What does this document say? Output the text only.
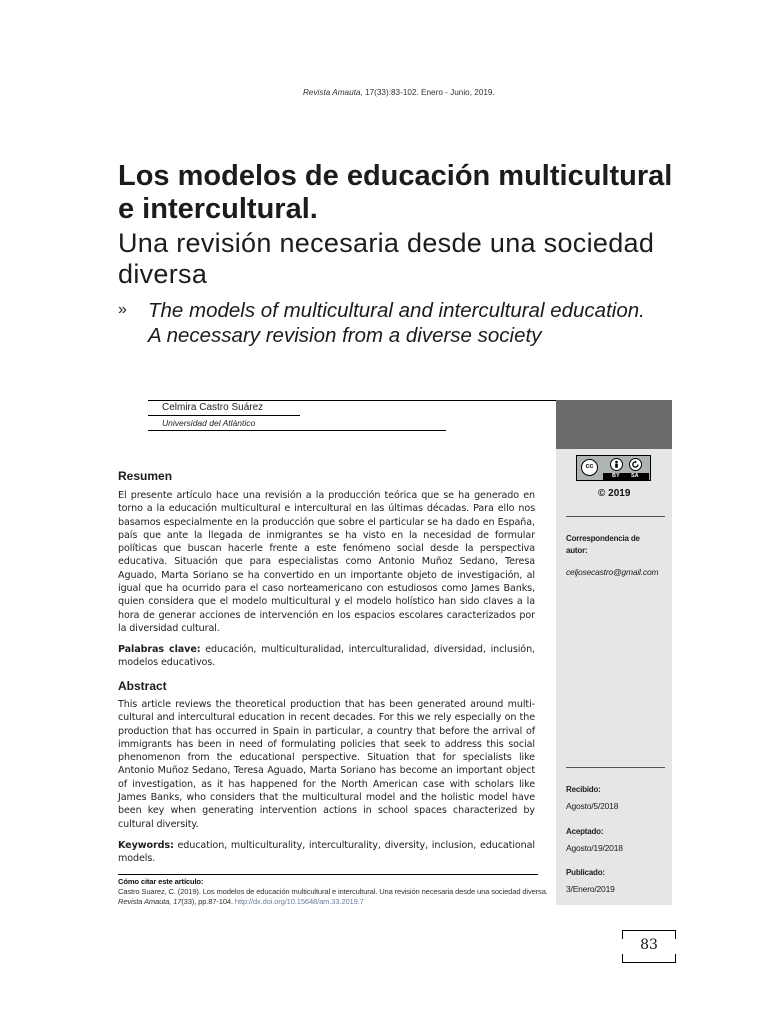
Revista Amauta, 17(33):83-102. Enero - Junio, 2019.
Los modelos de educación multicultural e intercultural.
Una revisión necesaria desde una sociedad diversa
» The models of multicultural and intercultural education. A necessary revision from a diverse society
Celmira Castro Suárez
Universidad del Atlántico
cc
BY SA
© 2019
Correspondencia de autor:
celjosecastro@gmail.com
Recibido:
Agosto/5/2018
Aceptado:
Agosto/19/2018
Publicado:
3/Enero/2019
Resumen
El presente artículo hace una revisión a la producción teórica que se ha generado en torno a la educación multicultural e intercultural en las últimas décadas. Para ello nos basamos especialmente en la producción que sobre el particular se ha dado en España, país que ante la llegada de inmigrantes se ha visto en la necesidad de formular políticas que buscan hacerle frente a este fenómeno social desde la perspectiva educativa. Situación que para especialistas como Antonio Muñoz Sedano, Teresa Aguado, Marta Soriano se ha convertido en un importante objeto de investigación, al igual que ha ocurrido para el caso norteamericano con estudiosos como James Banks, quien considera que el modelo multicultural y el modelo holístico han sido claves a la hora de generar acciones de intervención en los espacios escolares caracterizados por la diversidad cultural.
Palabras clave: educación, multiculturalidad, interculturalidad, diversidad, inclusión, modelos educativos.
Abstract
This article reviews the theoretical production that has been generated around multi-cultural and intercultural education in recent decades. For this we rely especially on the production that has occurred in Spain in particular, a country that before the arrival of immigrants has been in need of formulating policies that seek to address this social phenomenon from the educational perspective. Situation that for specialists like Antonio Muñoz Sedano, Teresa Aguado, Marta Soriano has become an important object of investigation, as it has happened for the North American case with scholars like James Banks, who considers that the multicultural model and the holistic model have been key when generating intervention actions in school spaces characterized by cultural diversity.
Keywords: education, multiculturality, interculturality, diversity, inclusion, educational models.
Cómo citar este artículo:
Castro Suarez, C. (2019). Los modelos de educación multicultural e intercultural. Una revisión necesaria desde una sociedad diversa.
Revista Amauta, 17(33), pp.87-104. http://dx.doi.org/10.15648/am.33.2019.7
83
